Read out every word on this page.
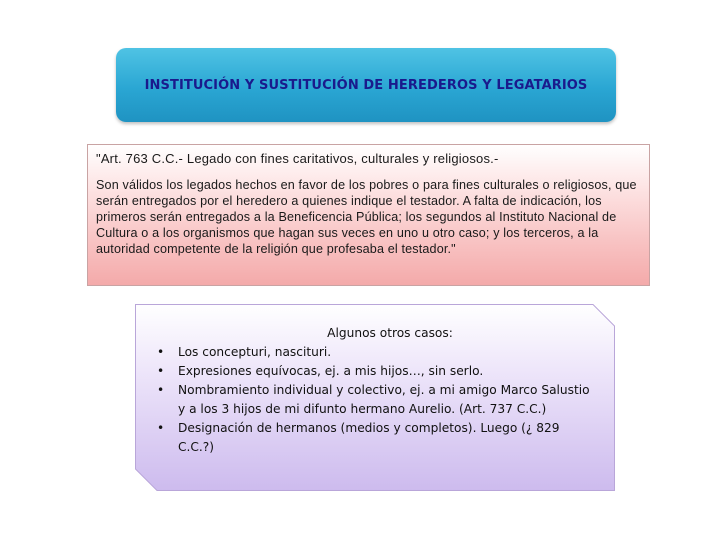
INSTITUCIÓN Y SUSTITUCIÓN DE HEREDEROS Y LEGATARIOS
"Art. 763 C.C.- Legado con fines caritativos, culturales y religiosos.-
Son válidos los legados hechos en favor de los pobres o para fines culturales o religiosos, que serán entregados por el heredero a quienes indique el testador. A falta de indicación, los primeros serán entregados a la Beneficencia Pública; los segundos al Instituto Nacional de Cultura o a los organismos que hagan sus veces en uno u otro caso; y los terceros, a la autoridad competente de la religión que profesaba el testador."
Algunos otros casos:
• Los concepturi, nascituri.
• Expresiones equívocas, ej. a mis hijos…, sin serlo.
• Nombramiento individual y colectivo, ej. a mi amigo Marco Salustio y a los 3 hijos de mi difunto hermano Aurelio. (Art. 737 C.C.)
• Designación de hermanos (medios y completos). Luego (¿ 829 C.C.?)
